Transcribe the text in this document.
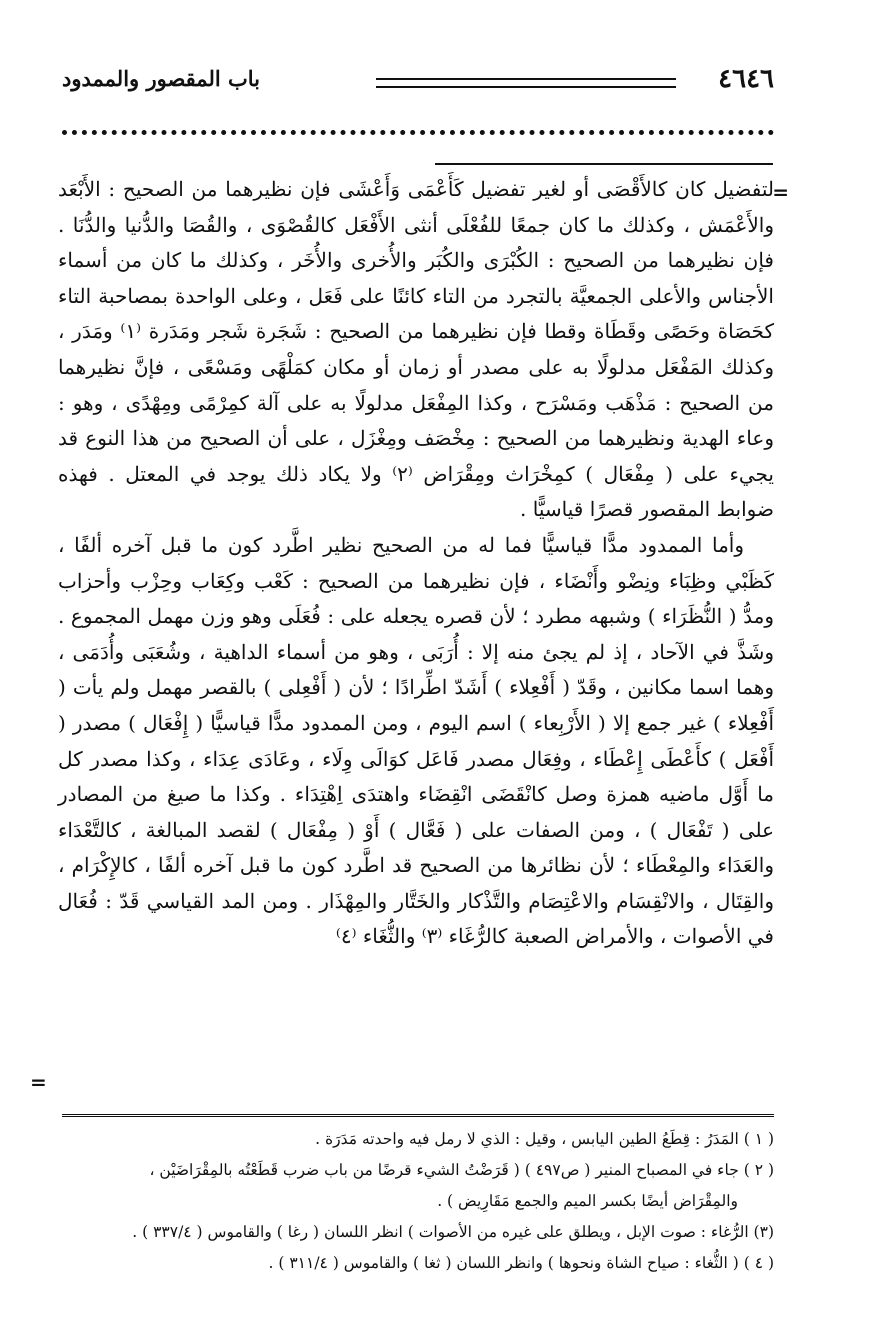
٤٦٤٦
باب المقصور والممدود
=

لتفضيل كان كالأَقْصَى أو لغير تفضيل كَأَعْمَى وَأَعْشَى فإن نظيرهما من الصحيح : الأَبْعَد والأَعْمَش ، وكذلك ما كان جمعًا للفُعْلَى أنثى الأَفْعَل كالقُصْوَى ، والقُصَا والدُّنيا والدُّنَا . فإن نظيرهما من الصحيح : الكُبْرَى والكُبَر والأُخرى والأُخَر ، وكذلك ما كان من أسماء الأجناس والأعلى الجمعيَّة بالتجرد من التاء كائنًا على فَعَل ، وعلى الواحدة بمصاحبة التاء كحَصَاة وحَصًى وقَطَاة وقطا فإن نظيرهما من الصحيح : شَجَرة شَجر ومَدَرة ⁽١⁾ ومَدَر ، وكذلك المَفْعَل مدلولًا به على مصدر أو زمان أو مكان كمَلْهًى ومَسْعًى ، فإنَّ نظيرهما من الصحيح : مَذْهَب ومَسْرَح ، وكذا المِفْعَل مدلولًا به على آلة كمِرْمًى ومِهْدًى ، وهو : وعاء الهدية ونظيرهما من الصحيح : مِخْصَف ومِغْزَل ، على أن الصحيح من هذا النوع قد يجيء على ( مِفْعَال ) كمِخْرَاث ومِقْرَاض ⁽٢⁾ ولا يكاد ذلك يوجد في المعتل . فهذه ضوابط المقصور قصرًا قياسيًّا .

وأما الممدود مدًّا قياسيًّا فما له من الصحيح نظير اطَّرد كون ما قبل آخره ألفًا ، كَظَبْي وظِبَاء ونِضْو وأَنْضَاء ، فإن نظيرهما من الصحيح : كَعْب وكِعَاب وحِزْب وأحزاب ومدُّ ( النُّظَرَاء ) وشبهه مطرد ؛ لأن قصره يجعله على : فُعَلَى وهو وزن مهمل المجموع . وشَذَّ في الآحاد ، إذ لم يجئ منه إلا : أُرَبَى ، وهو من أسماء الداهية ، وشُعَبَى وأُدَمَى ، وهما اسما مكانين ، وقَدّ ( أَفْعِلاء ) أَشَدّ اطِّرادًا ؛ لأن ( أَفْعِلى ) بالقصر مهمل ولم يأت ( أَفْعِلاء ) غير جمع إلا ( الأَرْبِعاء ) اسم اليوم ، ومن الممدود مدًّا قياسيًّا ( إِفْعَال ) مصدر ( أَفْعَل ) كأَعْطَى إِعْطَاء ، وفِعَال مصدر فَاعَل كوَالَى وِلَاء ، وعَادَى عِدَاء ، وكذا مصدر كل ما أَوَّل ماضيه همزة وصل كانْقَضَى انْقِضَاء واهتدَى اِهْتِدَاء . وكذا ما صيغ من المصادر على ( تَفْعَال ) ، ومن الصفات على ( فَعَّال ) أَوْ ( مِفْعَال ) لقصد المبالغة ، كالتَّعْدَاء والعَدَاء والمِعْطَاء ؛ لأن نظائرها من الصحيح قد اطَّرد كون ما قبل آخره ألفًا ، كالإِكْرَام ، والقِتَال ، والانْقِسَام والاعْتِصَام والتَّذْكار والخَتَّار والمِهْذَار . ومن المد القياسي قَدّ : فُعَال في الأصوات ، والأمراض الصعبة كالرُّغَاء ⁽٣⁾ والثُّغَاء ⁽٤⁾

=
( ١ ) المَدَرُ : قِطَعُ الطين اليابس ، وقيل : الذي لا رمل فيه واحدته مَدَرَة .
( ٢ ) جاء في المصباح المنير ( ص٤٩٧ ) ( قَرَضْتُ الشيء قرضًا من باب ضرب قَطَعْتُه بالمِقْرَاضَيْن ،
والمِقْرَاض أيضًا بكسر الميم والجمع مَقَارِيض ) .
(٣) الرُّغاء : صوت الإبل ، ويطلق على غيره من الأصوات ) انظر اللسان ( رغا ) والقاموس ( ٣٣٧/٤ ) .
( ٤ ) ( الثُّغاء : صياح الشاة ونحوها ) وانظر اللسان ( ثغا ) والقاموس ( ٣١١/٤ ) .
